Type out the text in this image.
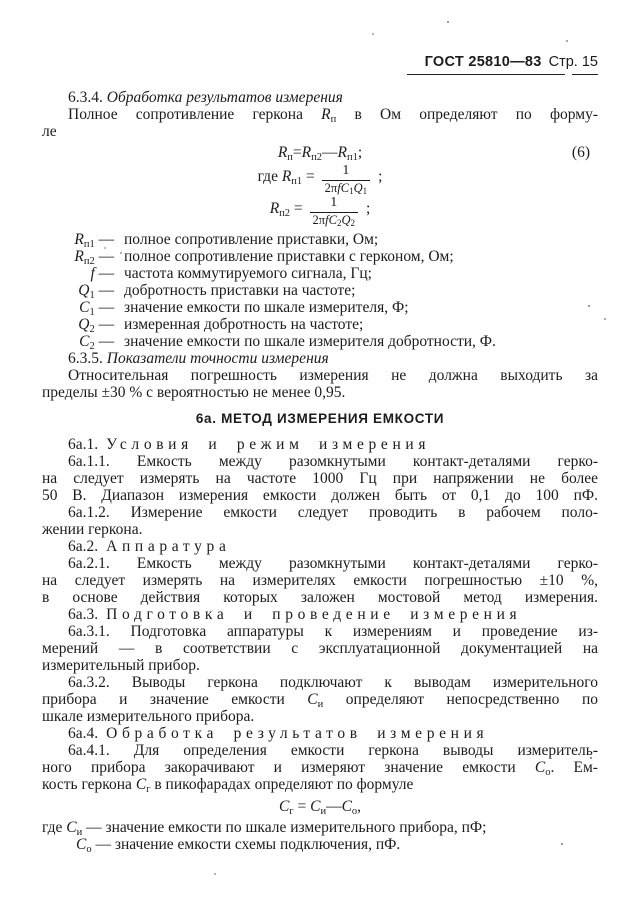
ГОСТ 25810—83 Стр. 15
6.3.4. Обработка результатов измерения
Полное сопротивление геркона $R_п$ в Ом определяют по форму-
ле
$R_п=R_{п2}—R_{п1}$;	(6)
где $R_{п1} = \frac{1}{2\pi fC_1Q_1}$ ;
$R_{п2} = \frac{1}{2\pi fC_2Q_2}$ ;
$R_{п1}$ — полное сопротивление приставки, Ом;
$R_{п2}$ — полное сопротивление приставки с герконом, Ом;
f — частота коммутируемого сигнала, Гц;
$Q_1$ — добротность приставки на частоте;
$C_1$ — значение емкости по шкале измерителя, Ф;
$Q_2$ — измеренная добротность на частоте;
$C_2$ — значение емкости по шкале измерителя добротности, Ф.
6.3.5. Показатели точности измерения
Относительная погрешность измерения не должна выходить за
пределы ±30 % с вероятностью не менее 0,95.
6а. МЕТОД ИЗМЕРЕНИЯ ЕМКОСТИ
6а.1. Условия и режим измерения
6а.1.1. Емкость между разомкнутыми контакт-деталями герко-
на следует измерять на частоте 1000 Гц при напряжении не более
50 В. Диапазон измерения емкости должен быть от 0,1 до 100 пФ.
6а.1.2. Измерение емкости следует проводить в рабочем поло-
жении геркона.
6а.2. Аппаратура
6а.2.1. Емкость между разомкнутыми контакт-деталями герко-
на следует измерять на измерителях емкости погрешностью ±10 %,
в основе действия которых заложен мостовой метод измерения.
6а.3. Подготовка и проведение измерения
6а.3.1. Подготовка аппаратуры к измерениям и проведение из-
мерений — в соответствии с эксплуатационной документацией на
измерительный прибор.
6а.3.2. Выводы геркона подключают к выводам измерительного
прибора и значение емкости $C_и$ определяют непосредственно по
шкале измерительного прибора.
6а.4. Обработка результатов измерения
6а.4.1. Для определения емкости геркона выводы измеритель-
ного прибора закорачивают и измеряют значение емкости $C_о$. Ем-
кость геркона $C_г$ в пикофарадах определяют по формуле
$C_г$ = $C_и—C_о$,
где $C_и$ — значение емкости по шкале измерительного прибора, пФ;
$C_о$ — значение емкости схемы подключения, пФ.
